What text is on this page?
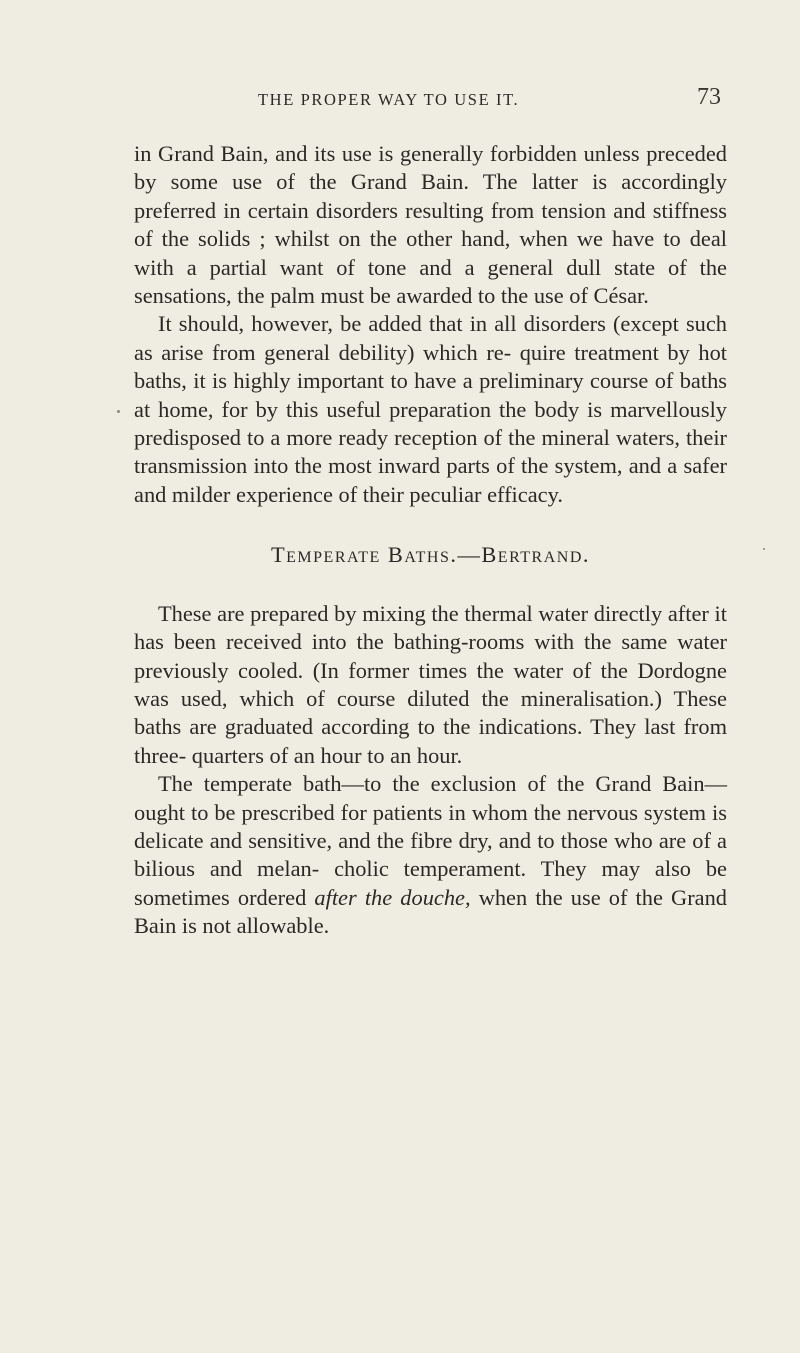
THE PROPER WAY TO USE IT.	73

in Grand Bain, and its use is generally forbidden unless preceded by some use of the Grand Bain. The latter is accordingly preferred in certain disorders resulting from tension and stiffness of the solids ; whilst on the other hand, when we have to deal with a partial want of tone and a general dull state of the sensations, the palm must be awarded to the use of César.

It should, however, be added that in all disorders (except such as arise from general debility) which re- quire treatment by hot baths, it is highly important to have a preliminary course of baths at home, for by this useful preparation the body is marvellously predisposed to a more ready reception of the mineral waters, their transmission into the most inward parts of the system, and a safer and milder experience of their peculiar efficacy.

Temperate Baths.—Bertrand.

These are prepared by mixing the thermal water directly after it has been received into the bathing-rooms with the same water previously cooled. (In former times the water of the Dordogne was used, which of course diluted the mineralisation.) These baths are graduated according to the indications. They last from three- quarters of an hour to an hour.

The temperate bath—to the exclusion of the Grand Bain—ought to be prescribed for patients in whom the nervous system is delicate and sensitive, and the fibre dry, and to those who are of a bilious and melan- cholic temperament. They may also be sometimes ordered after the douche, when the use of the Grand Bain is not allowable.
